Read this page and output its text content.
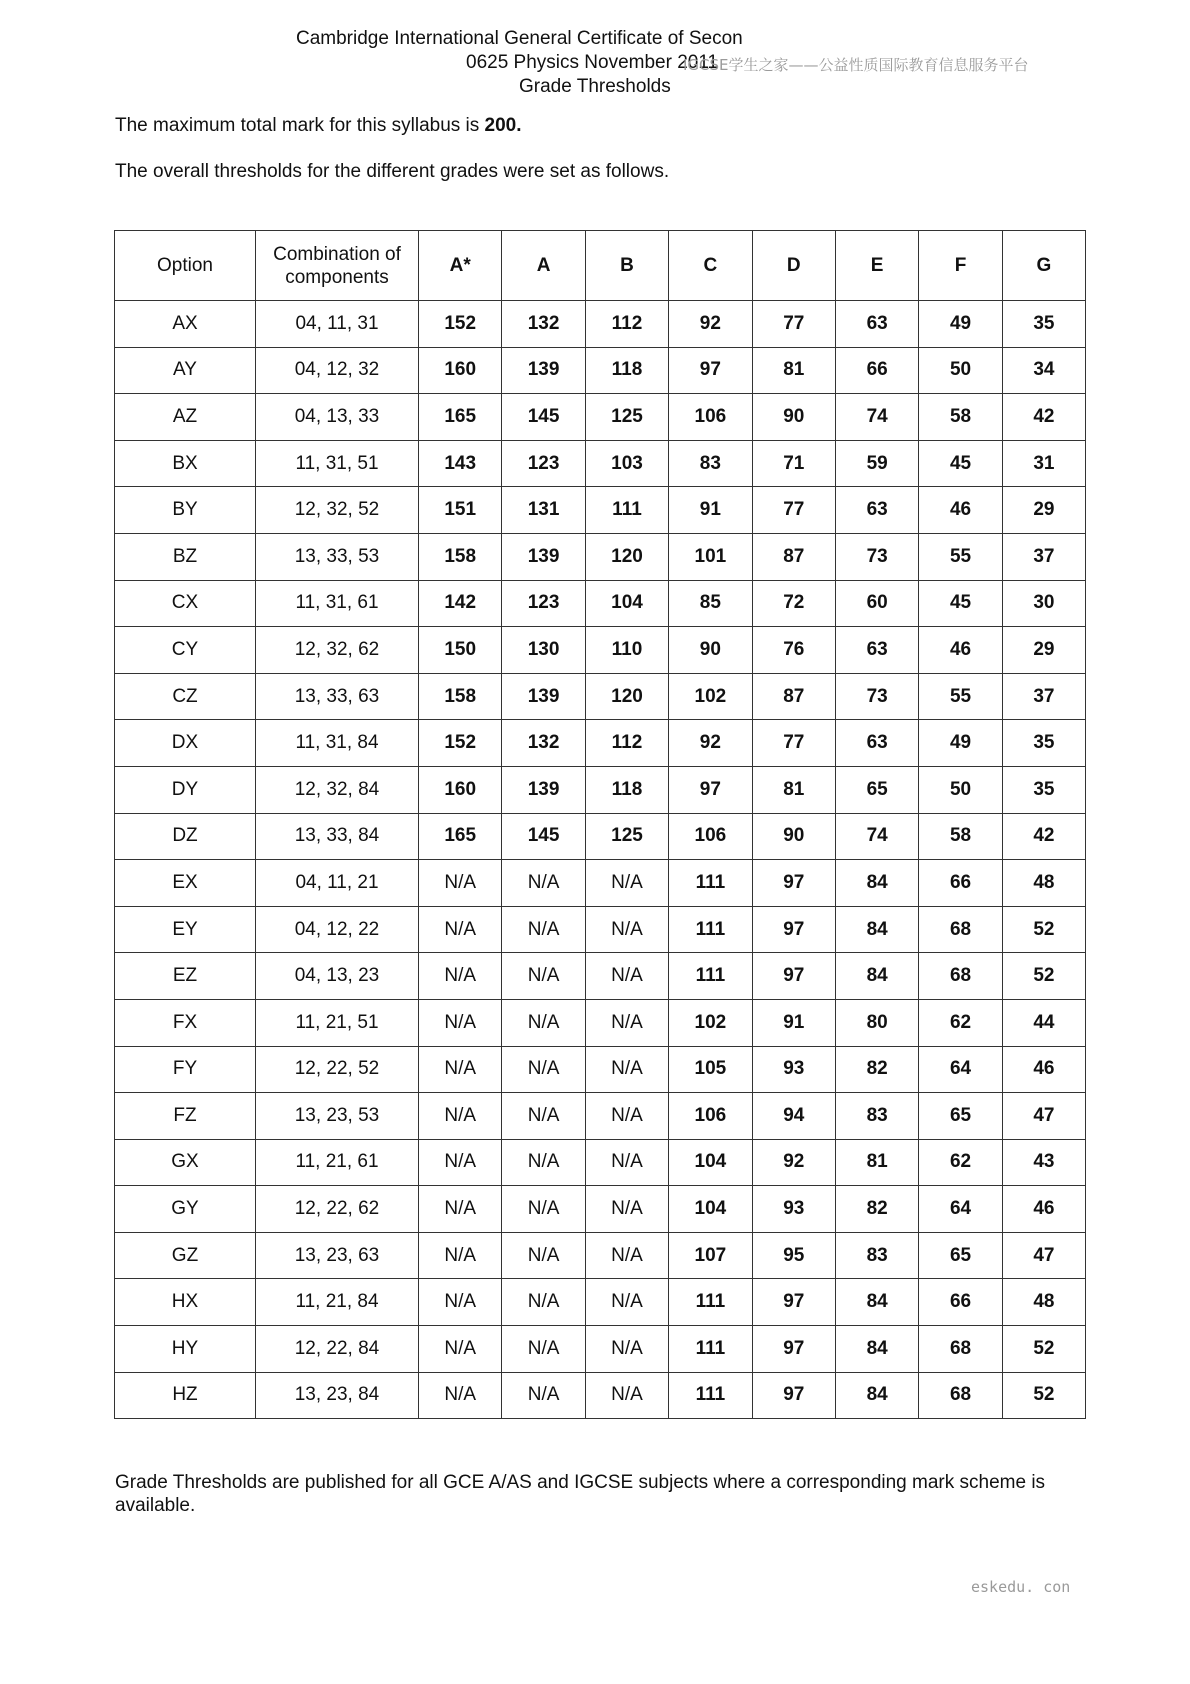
Cambridge International General Certificate of Secon
0625 Physics November 2011
Grade Thresholds
IGCSE学生之家——公益性质国际教育信息服务平台
The maximum total mark for this syllabus is 200.
The overall thresholds for the different grades were set as follows.
Option	Combination of components	A*	A	B	C	D	E	F	G
AX	04, 11, 31	152	132	112	92	77	63	49	35
AY	04, 12, 32	160	139	118	97	81	66	50	34
AZ	04, 13, 33	165	145	125	106	90	74	58	42
BX	11, 31, 51	143	123	103	83	71	59	45	31
BY	12, 32, 52	151	131	111	91	77	63	46	29
BZ	13, 33, 53	158	139	120	101	87	73	55	37
CX	11, 31, 61	142	123	104	85	72	60	45	30
CY	12, 32, 62	150	130	110	90	76	63	46	29
CZ	13, 33, 63	158	139	120	102	87	73	55	37
DX	11, 31, 84	152	132	112	92	77	63	49	35
DY	12, 32, 84	160	139	118	97	81	65	50	35
DZ	13, 33, 84	165	145	125	106	90	74	58	42
EX	04, 11, 21	N/A	N/A	N/A	111	97	84	66	48
EY	04, 12, 22	N/A	N/A	N/A	111	97	84	68	52
EZ	04, 13, 23	N/A	N/A	N/A	111	97	84	68	52
FX	11, 21, 51	N/A	N/A	N/A	102	91	80	62	44
FY	12, 22, 52	N/A	N/A	N/A	105	93	82	64	46
FZ	13, 23, 53	N/A	N/A	N/A	106	94	83	65	47
GX	11, 21, 61	N/A	N/A	N/A	104	92	81	62	43
GY	12, 22, 62	N/A	N/A	N/A	104	93	82	64	46
GZ	13, 23, 63	N/A	N/A	N/A	107	95	83	65	47
HX	11, 21, 84	N/A	N/A	N/A	111	97	84	66	48
HY	12, 22, 84	N/A	N/A	N/A	111	97	84	68	52
HZ	13, 23, 84	N/A	N/A	N/A	111	97	84	68	52
Grade Thresholds are published for all GCE A/AS and IGCSE subjects where a corresponding mark scheme is available.
eskedu. con
